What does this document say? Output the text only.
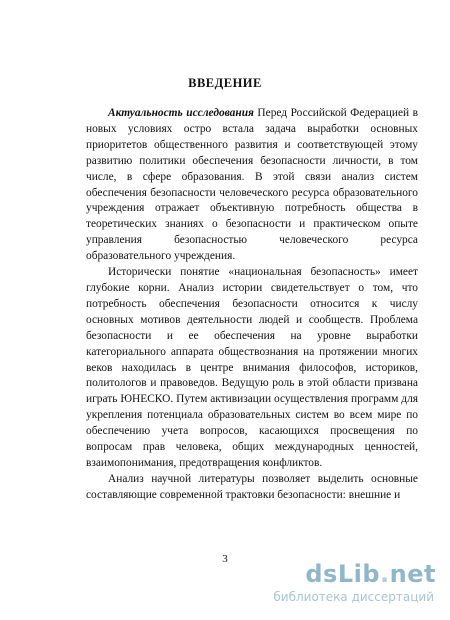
ВВЕДЕНИЕ

Актуальность исследования Перед Российской Федерацией в новых условиях остро встала задача выработки основных приоритетов общественного развития и соответствующей этому развитию политики обеспечения безопасности личности, в том числе, в сфере образования. В этой связи анализ систем обеспечения безопасности человеческого ресурса образовательного учреждения отражает объективную потребность общества в теоретических знаниях о безопасности и практическом опыте управления безопасностью человеческого ресурса образовательного учреждения.

Исторически понятие «национальная безопасность» имеет глубокие корни. Анализ истории свидетельствует о том, что потребность обеспечения безопасности относится к числу основных мотивов деятельности людей и сообществ. Проблема безопасности и ее обеспечения на уровне выработки категориального аппарата обществознания на протяжении многих веков находилась в центре внимания философов, историков, политологов и правоведов. Ведущую роль в этой области призвана играть ЮНЕСКО. Путем активизации осуществления программ для укрепления потенциала образовательных систем во всем мире по обеспечению учета вопросов, касающихся просвещения по вопросам прав человека, общих международных ценностей, взаимопонимания, предотвращения конфликтов.

Анализ научной литературы позволяет выделить основные составляющие современной трактовки безопасности: внешние и

3
dsLib.net
библиотека диссертаций
